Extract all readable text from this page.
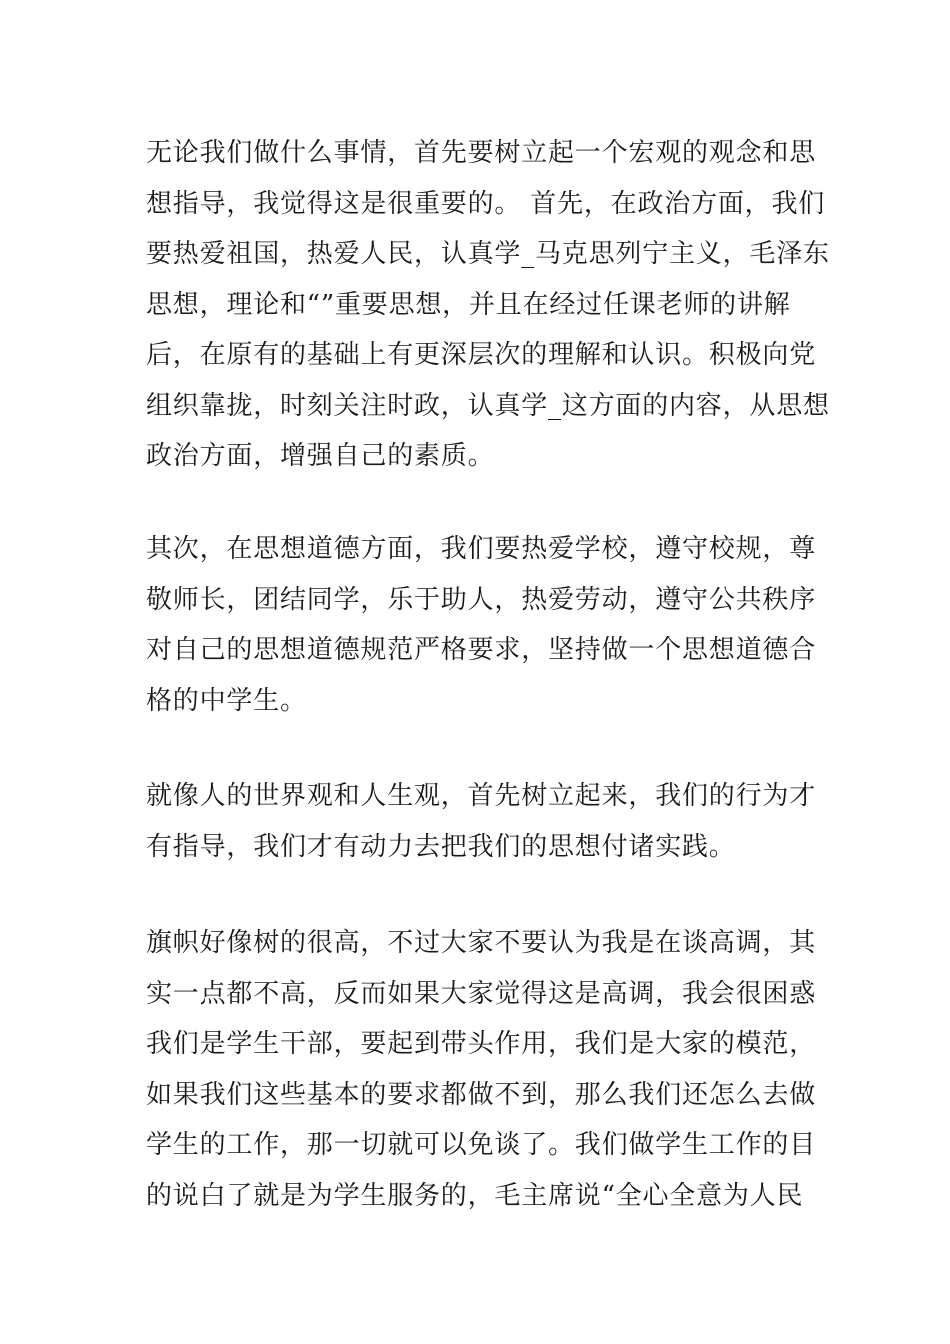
无论我们做什么事情，首先要树立起一个宏观的观念和思
想指导，我觉得这是很重要的。 首先，在政治方面，我们
要热爱祖国，热爱人民，认真学_马克思列宁主义，毛泽东
思想，理论和“”重要思想，并且在经过任课老师的讲解
后，在原有的基础上有更深层次的理解和认识。积极向党
组织靠拢，时刻关注时政，认真学_这方面的内容，从思想
政治方面，增强自己的素质。
其次，在思想道德方面，我们要热爱学校，遵守校规，尊
敬师长，团结同学，乐于助人，热爱劳动，遵守公共秩序
对自己的思想道德规范严格要求，坚持做一个思想道德合
格的中学生。
就像人的世界观和人生观，首先树立起来，我们的行为才
有指导，我们才有动力去把我们的思想付诸实践。
旗帜好像树的很高，不过大家不要认为我是在谈高调，其
实一点都不高，反而如果大家觉得这是高调，我会很困惑
我们是学生干部，要起到带头作用，我们是大家的模范，
如果我们这些基本的要求都做不到，那么我们还怎么去做
学生的工作，那一切就可以免谈了。我们做学生工作的目
的说白了就是为学生服务的，毛主席说“全心全意为人民
